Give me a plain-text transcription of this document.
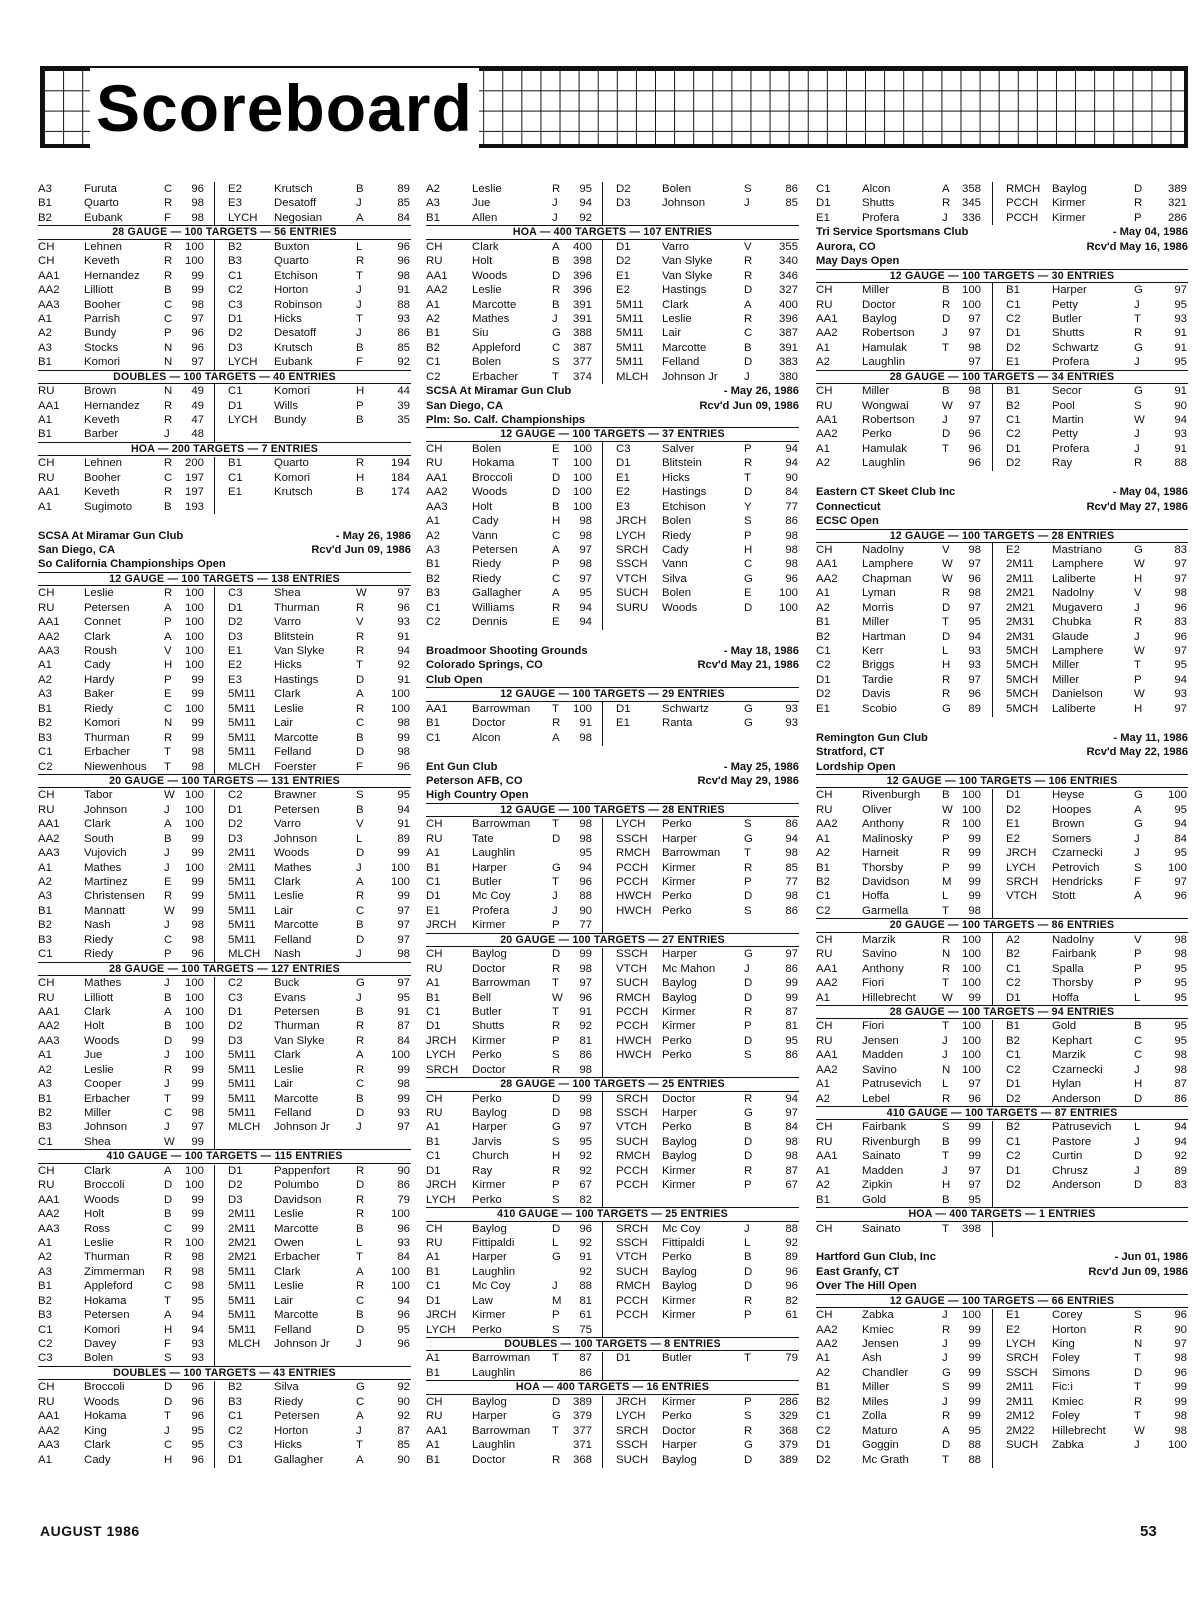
Scoreboard
A3	Furuta	C 96 E2	Krutsch	B	89
B1	Quarto	R 98 E3	Desatoff	J	85
B2	Eubank	F 98 LYCH Negosian	A	84
28 GAUGE — 100 TARGETS — 56 ENTRIES
CH	Lehnen	R 100 B2	Buxton	L	96
CH	Keveth	R 100 B3	Quarto	R	96
AA1 Hernandez R 99 C1	Etchison	T	98
AA2 Lilliott	B 99 C2	Horton	J	91
AA3 Booher	C 98 C3	Robinson	J	88
A1	Parrish	C 97 D1	Hicks	T	93
A2	Bundy	P 96 D2	Desatoff	J	86
A3	Stocks	N 96 D3	Krutsch	B	85
B1	Komori	N 97 LYCH Eubank	F	92
DOUBLES — 100 TARGETS — 40 ENTRIES
RU	Brown	N 49 C1	Komori	H	44
AA1 Hernandez R 49 D1	Wills	P	39
A1	Keveth	R 47 LYCH Bundy	B	35
B1	Barber	J 48
HOA — 200 TARGETS — 7 ENTRIES
CH	Lehnen	R 200 B1	Quarto	R 194
RU	Booher	C 197 C1	Komori	H 184
AA1 Keveth	R 197 E1	Krutsch	B 174
A1	Sugimoto	B 193
SCSA At Miramar Gun Club	- May 26, 1986
San Diego, CA	Rcv'd Jun 09, 1986
So California Championships Open
12 GAUGE — 100 TARGETS — 138 ENTRIES
CH	Leslie	R 100 C3	Shea	W	97
RU	Petersen	A 100 D1	Thurman	R	96
AA1 Connet	P 100 D2	Varro	V	93
AA2 Clark	A 100 D3	Blitstein	R	91
AA3 Roush	V 100 E1	Van Slyke	R	94
A1	Cady	H 100 E2	Hicks	T	92
A2	Hardy	P 99 E3	Hastings	D	91
A3	Baker	E 99 5M11 Clark	A 100
B1	Riedy	C 100 5M11 Leslie	R 100
B2	Komori	N 99 5M11 Lair	C	98
B3	Thurman	R 99 5M11 Marcotte	B	99
C1	Erbacher	T 98 5M11 Felland	D	98
C2	Niewenhous T 98 MLCH Foerster	F	96
20 GAUGE — 100 TARGETS — 131 ENTRIES
CH	Tabor	W 100 C2	Brawner	S	95
RU	Johnson	J 100 D1	Petersen	B	94
AA1 Clark	A 100 D2	Varro	V	91
AA2 South	B 99 D3	Johnson	L	89
AA3 Vujovich	J 99 2M11 Woods	D	99
A1	Mathes	J 100 2M11 Mathes	J	100
A2	Martinez	E 99 5M11 Clark	A 100
A3	Christensen R 99 5M11 Leslie	R	99
B1	Mannatt	W 99 5M11 Lair	C	97
B2	Nash	J 98 5M11 Marcotte	B	97
B3	Riedy	C 98 5M11 Felland	D	97
C1	Riedy	P 96 MLCH Nash	J	98
28 GAUGE — 100 TARGETS — 127 ENTRIES
CH	Mathes	J 100 C2	Buck	G	97
RU	Lilliott	B 100 C3	Evans	J	95
AA1 Clark	A 100 D1	Petersen	B	91
AA2 Holt	B 100 D2	Thurman	R	87
AA3 Woods	D 99 D3	Van Slyke	R	84
A1	Jue	J 100 5M11 Clark	A 100
A2	Leslie	R 99 5M11 Leslie	R	99
A3	Cooper	J 99 5M11 Lair	C	98
B1	Erbacher	T 99 5M11 Marcotte	B	99
B2	Miller	C 98 5M11 Felland	D	93
B3	Johnson	J 97 MLCH Johnson Jr J	97
C1	Shea	W 99
410 GAUGE — 100 TARGETS — 115 ENTRIES
CH	Clark	A 100 D1	Pappenfort R	90
RU	Broccoli	D 100 D2	Polumbo	D	86
AA1 Woods	D 99 D3	Davidson	R	79
AA2 Holt	B 99 2M11 Leslie	R 100
AA3 Ross	C 99 2M11 Marcotte	B	96
A1	Leslie	R 100 2M21 Owen	L	93
A2	Thurman	R 98 2M21 Erbacher	T	84
A3	Zimmerman R 98 5M11 Clark	A 100
B1	Appleford	C 98 5M11 Leslie	R 100
B2	Hokama	T 95 5M11 Lair	C	94
B3	Petersen	A 94 5M11 Marcotte	B	96
C1	Komori	H 94 5M11 Felland	D	95
C2	Davey	F 93 MLCH Johnson Jr J	96
C3	Bolen	S 93
DOUBLES — 100 TARGETS — 43 ENTRIES
CH	Broccoli	D 96 B2	Silva	G	92
RU	Woods	D 96 B3	Riedy	C	90
AA1 Hokama	T 96 C1	Petersen	A	92
AA2 King	J 95 C2	Horton	J	87
AA3 Clark	C 95 C3	Hicks	T	85
A1	Cady	H 96 D1	Gallagher	A	90
A2	Leslie	R 95 D2	Bolen	S	86
A3	Jue	J 94 D3	Johnson	J	85
B1	Allen	J 92
HOA — 400 TARGETS — 107 ENTRIES
CH	Clark	A 400 D1	Varro	V 355
RU	Holt	B 398 D2	Van Slyke	R 340
AA1 Woods	D 396 E1	Van Slyke	R 346
AA2 Leslie	R 396 E2	Hastings	D 327
A1	Marcotte	B 391 5M11 Clark	A 400
A2	Mathes	J 391 5M11 Leslie	R 396
B1	Siu	G 388 5M11 Lair	C 387
B2	Appleford	C 387 5M11 Marcotte	B 391
C1	Bolen	S 377 5M11 Felland	D 383
C2	Erbacher	T 374 MLCH Johnson Jr J	380
SCSA At Miramar Gun Club	- May 26, 1986
San Diego, CA	Rcv'd Jun 09, 1986
Plm: So. Calf. Championships
12 GAUGE — 100 TARGETS — 37 ENTRIES
CH	Bolen	E 100 C3	Salver	P	94
RU	Hokama	T 100 D1	Blitstein	R	94
AA1 Broccoli	D 100 E1	Hicks	T	90
AA2 Woods	D 100 E2	Hastings	D	84
AA3 Holt	B 100 E3	Etchison	Y	77
A1	Cady	H 98 JRCH Bolen	S	86
A2	Vann	C 98 LYCH Riedy	P	98
A3	Petersen	A 97 SRCH Cady	H	98
B1	Riedy	P 98 SSCH Vann	C	98
B2	Riedy	C 97 VTCH Silva	G	96
B3	Gallagher	A 95 SUCH Bolen	E 100
C1	Williams	R 94 SURU Woods	D 100
C2	Dennis	E 94
Broadmoor Shooting Grounds	- May 18, 1986
Colorado Springs, CO	Rcv'd May 21, 1986
Club Open
12 GAUGE — 100 TARGETS — 29 ENTRIES
AA1 Barrowman T 100 D1	Schwartz	G	93
B1	Doctor	R 91 E1	Ranta	G	93
C1	Alcon	A 98
Ent Gun Club	- May 25, 1986
Peterson AFB, CO	Rcv'd May 29, 1986
High Country Open
12 GAUGE — 100 TARGETS — 28 ENTRIES
CH	Barrowman T 98 LYCH Perko	S	86
RU	Tate	D 98 SSCH Harper	G	94
A1	Laughlin	95 RMCH Barrowman T	98
B1	Harper	G 94 PCCH Kirmer	R	85
C1	Butler	T 96 PCCH Kirmer	P	77
D1	Mc Coy	J 88 HWCH Perko	D	98
E1	Profera	J 90 HWCH Perko	S	86
JRCH Kirmer	P 77
20 GAUGE — 100 TARGETS — 27 ENTRIES
CH	Baylog	D 99 SSCH Harper	G	97
RU	Doctor	R 98 VTCH Mc Mahon	J	86
A1	Barrowman T 97 SUCH Baylog	D	99
B1	Bell	W 96 RMCH Baylog	D	99
C1	Butler	T 91 PCCH Kirmer	R	87
D1	Shutts	R 92 PCCH Kirmer	P	81
JRCH Kirmer	P 81 HWCH Perko	D	95
LYCH Perko	S 86 HWCH Perko	S	86
SRCH Doctor	R 98
28 GAUGE — 100 TARGETS — 25 ENTRIES
CH	Perko	D 99 SRCH Doctor	R	94
RU	Baylog	D 98 SSCH Harper	G	97
A1	Harper	G 97 VTCH Perko	B	84
B1	Jarvis	S 95 SUCH Baylog	D	98
C1	Church	H 92 RMCH Baylog	D	98
D1	Ray	R 92 PCCH Kirmer	R	87
JRCH Kirmer	P 67 PCCH Kirmer	P	67
LYCH Perko	S 82
410 GAUGE — 100 TARGETS — 25 ENTRIES
CH	Baylog	D 96 SRCH Mc Coy	J	88
RU	Fittipaldi	L 92 SSCH Fittipaldi	L	92
A1	Harper	G 91 VTCH Perko	B	89
B1	Laughlin	92 SUCH Baylog	D	96
C1	Mc Coy	J 88 RMCH Baylog	D	96
D1	Law	M 81 PCCH Kirmer	R	82
JRCH Kirmer	P 61 PCCH Kirmer	P	61
LYCH Perko	S 75
DOUBLES — 100 TARGETS — 8 ENTRIES
A1	Barrowman T 87 D1	Butler	T	79
B1	Laughlin	86
HOA — 400 TARGETS — 16 ENTRIES
CH	Baylog	D 389 JRCH Kirmer	P 286
RU	Harper	G 379 LYCH Perko	S 329
AA1 Barrowman T 377 SRCH Doctor	R 368
A1	Laughlin	371 SSCH Harper	G 379
B1	Doctor	R 368 SUCH Baylog	D 389
C1	Alcon	A 358 RMCH Baylog	D 389
D1	Shutts	R 345 PCCH Kirmer	R 321
E1	Profera	J 336 PCCH Kirmer	P 286
Tri Service Sportsmans Club	- May 04, 1986
Aurora, CO	Rcv'd May 16, 1986
May Days Open
12 GAUGE — 100 TARGETS — 30 ENTRIES
CH	Miller	B 100 B1	Harper	G	97
RU	Doctor	R 100 C1	Petty	J	95
AA1 Baylog	D 97 C2	Butler	T	93
AA2 Robertson J 97 D1	Shutts	R	91
A1	Hamulak	T 98 D2	Schwartz	G	91
A2	Laughlin	97 E1	Profera	J	95
28 GAUGE — 100 TARGETS — 34 ENTRIES
CH	Miller	B 98 B1	Secor	G	91
RU	Wongwai	W 97 B2	Pool	S	90
AA1 Robertson J 97 C1	Martin	W	94
AA2 Perko	D 96 C2	Petty	J	93
A1	Hamulak	T 96 D1	Profera	J	91
A2	Laughlin	96 D2	Ray	R	88
Eastern CT Skeet Club Inc	- May 04, 1986
Connecticut	Rcv'd May 27, 1986
ECSC Open
12 GAUGE — 100 TARGETS — 28 ENTRIES
CH	Nadolny	V 98 E2	Mastriano	G	83
AA1 Lamphere	W 97 2M11 Lamphere	W	97
AA2 Chapman	W 96 2M11 Laliberte	H	97
A1	Lyman	R 98 2M21 Nadolny	V	98
A2	Morris	D 97 2M21 Mugavero	J	96
B1	Miller	T 95 2M31 Chubka	R	83
B2	Hartman	D 94 2M31 Glaude	J	96
C1	Kerr	L 93 5MCH Lamphere	W	97
C2	Briggs	H 93 5MCH Miller	T	95
D1	Tardie	R 97 5MCH Miller	P	94
D2	Davis	R 96 5MCH Danielson	W	93
E1	Scobio	G 89 5MCH Laliberte	H	97
Remington Gun Club	- May 11, 1986
Stratford, CT	Rcv'd May 22, 1986
Lordship Open
12 GAUGE — 100 TARGETS — 106 ENTRIES
CH	Rivenburgh B 100 D1	Heyse	G 100
RU	Oliver	W 100 D2	Hoopes	A	95
AA2 Anthony	R 100 E1	Brown	G	94
A1	Malinosky	P 99 E2	Somers	J	84
A2	Harneit	R 99 JRCH Czarnecki	J	95
B1	Thorsby	P 99 LYCH Petrovich	S 100
B2	Davidson	M 99 SRCH Hendricks	F	97
C1	Hoffa	L 99 VTCH Stott	A	96
C2	Garmella	T 98
20 GAUGE — 100 TARGETS — 86 ENTRIES
CH	Marzik	R 100 A2	Nadolny	V	98
RU	Savino	N 100 B2	Fairbank	P	98
AA1 Anthony	R 100 C1	Spalla	P	95
AA2 Fiori	T 100 C2	Thorsby	P	95
A1	Hillebrecht W 99 D1	Hoffa	L	95
28 GAUGE — 100 TARGETS — 94 ENTRIES
CH	Fiori	T 100 B1	Gold	B	95
RU	Jensen	J 100 B2	Kephart	C	95
AA1 Madden	J 100 C1	Marzik	C	98
AA2 Savino	N 100 C2	Czarnecki	J	98
A1	Patrusevich L 97 D1	Hylan	H	87
A2	Lebel	R 96 D2	Anderson	D	86
410 GAUGE — 100 TARGETS — 87 ENTRIES
CH	Fairbank	S 99 B2	Patrusevich L	94
RU	Rivenburgh B 99 C1	Pastore	J	94
AA1 Sainato	T 99 C2	Curtin	D	92
A1	Madden	J 97 D1	Chrusz	J	89
A2	Zipkin	H 97 D2	Anderson	D	83
B1	Gold	B 95
HOA — 400 TARGETS — 1 ENTRIES
CH	Sainato	T 398
Hartford Gun Club, Inc	- Jun 01, 1986
East Granfy, CT	Rcv'd Jun 09, 1986
Over The Hill Open
12 GAUGE — 100 TARGETS — 66 ENTRIES
CH	Zabka	J 100 E1	Corey	S	96
AA2 Kmiec	R 99 E2	Horton	R	90
AA2 Jensen	J 99 LYCH King	N	97
A1	Ash	J 99 SRCH Foley	T	98
A2	Chandler	G 99 SSCH Simons	D	96
B1	Miller	S 99 2M11 Fic:i	T	99
B2	Miles	J 99 2M11 Kmiec	R	99
C1	Zolla	R 99 2M12 Foley	T	98
C2	Maturo	A 95 2M22 Hillebrecht W	98
D1	Goggin	D 88 SUCH Zabka	J 100
D2	Mc Grath	T 88
AUGUST 1986	53
